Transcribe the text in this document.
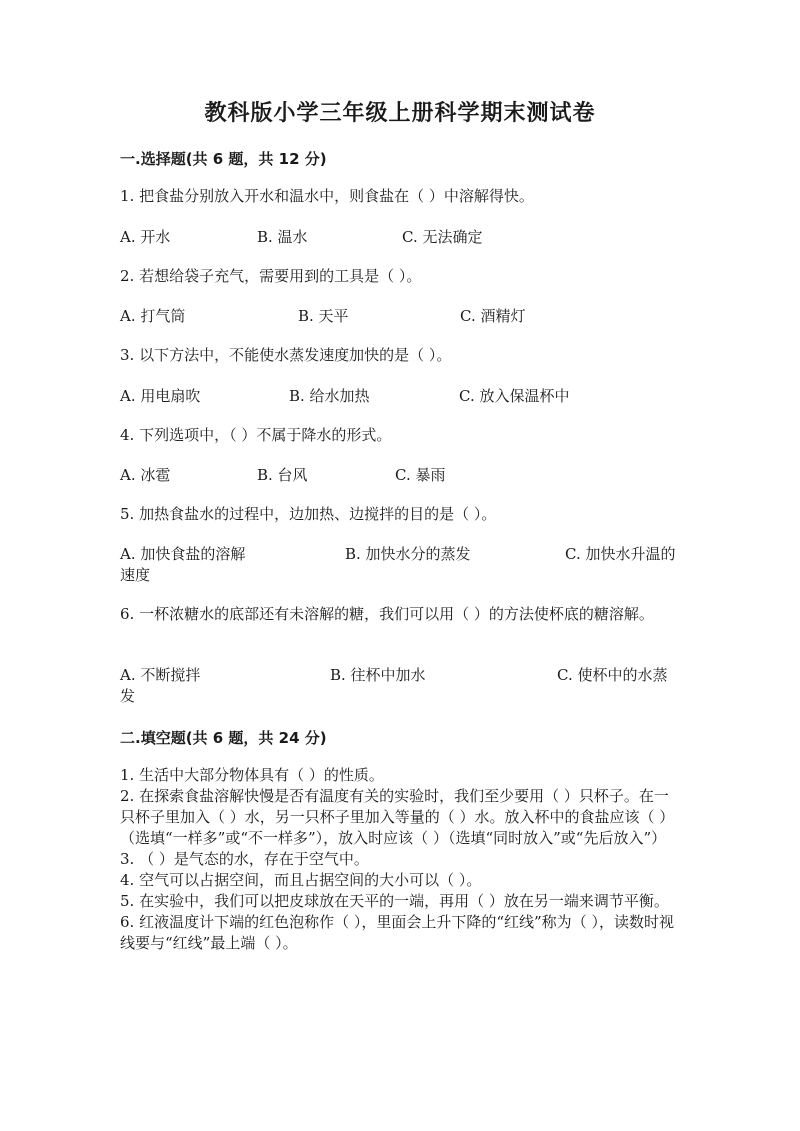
教科版小学三年级上册科学期末测试卷
一.选择题(共 6 题，共 12 分)
1. 把食盐分别放入开水和温水中，则食盐在（ ）中溶解得快。
A. 开水	B. 温水	C. 无法确定
2. 若想给袋子充气，需要用到的工具是（ ）。
A. 打气筒	B. 天平	C. 酒精灯
3. 以下方法中，不能使水蒸发速度加快的是（ ）。
A. 用电扇吹	B. 给水加热	C. 放入保温杯中
4. 下列选项中，（ ）不属于降水的形式。
A. 冰雹	B. 台风	C. 暴雨
5. 加热食盐水的过程中，边加热、边搅拌的目的是（ ）。
A. 加快食盐的溶解	B. 加快水分的蒸发	C. 加快水升温的
速度
6. 一杯浓糖水的底部还有未溶解的糖，我们可以用（ ）的方法使杯底的糖溶解。
A. 不断搅拌	B. 往杯中加水	C. 使杯中的水蒸
发
二.填空题(共 6 题，共 24 分)

1. 生活中大部分物体具有（ ）的性质。

2. 在探索食盐溶解快慢是否有温度有关的实验时，我们至少要用（ ）只杯子。在一只杯子里加入（ ）水，另一只杯子里加入等量的（ ）水。放入杯中的食盐应该（ ）（选填“一样多”或“不一样多”），放入时应该（ ）（选填“同时放入”或“先后放入”）

3. （ ）是气态的水，存在于空气中。

4. 空气可以占据空间，而且占据空间的大小可以（ ）。

5. 在实验中，我们可以把皮球放在天平的一端，再用（ ）放在另一端来调节平衡。

6. 红液温度计下端的红色泡称作（ ），里面会上升下降的“红线”称为（ ），读数时视线要与“红线”最上端（ ）。
